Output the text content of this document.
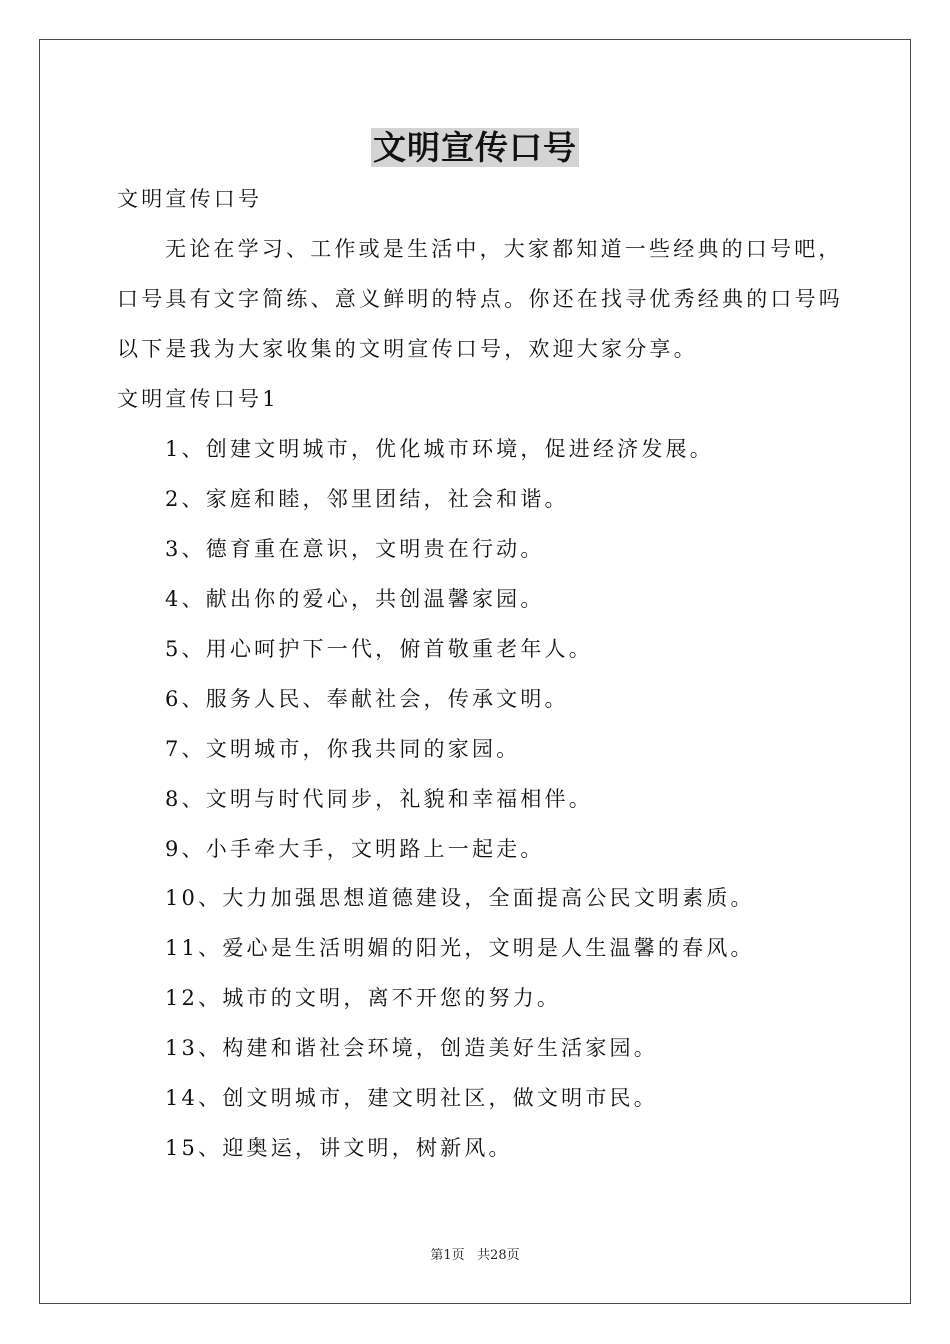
文明宣传口号
文明宣传口号
无论在学习、工作或是生活中，大家都知道一些经典的口号吧，
口号具有文字简练、意义鲜明的特点。你还在找寻优秀经典的口号吗
以下是我为大家收集的文明宣传口号，欢迎大家分享。
文明宣传口号1
1、创建文明城市，优化城市环境，促进经济发展。
2、家庭和睦，邻里团结，社会和谐。
3、德育重在意识，文明贵在行动。
4、献出你的爱心，共创温馨家园。
5、用心呵护下一代，俯首敬重老年人。
6、服务人民、奉献社会，传承文明。
7、文明城市，你我共同的家园。
8、文明与时代同步，礼貌和幸福相伴。
9、小手牵大手，文明路上一起走。
10、大力加强思想道德建设，全面提高公民文明素质。
11、爱心是生活明媚的阳光，文明是人生温馨的春风。
12、城市的文明，离不开您的努力。
13、构建和谐社会环境，创造美好生活家园。
14、创文明城市，建文明社区，做文明市民。
15、迎奥运，讲文明，树新风。
第1页   共28页
